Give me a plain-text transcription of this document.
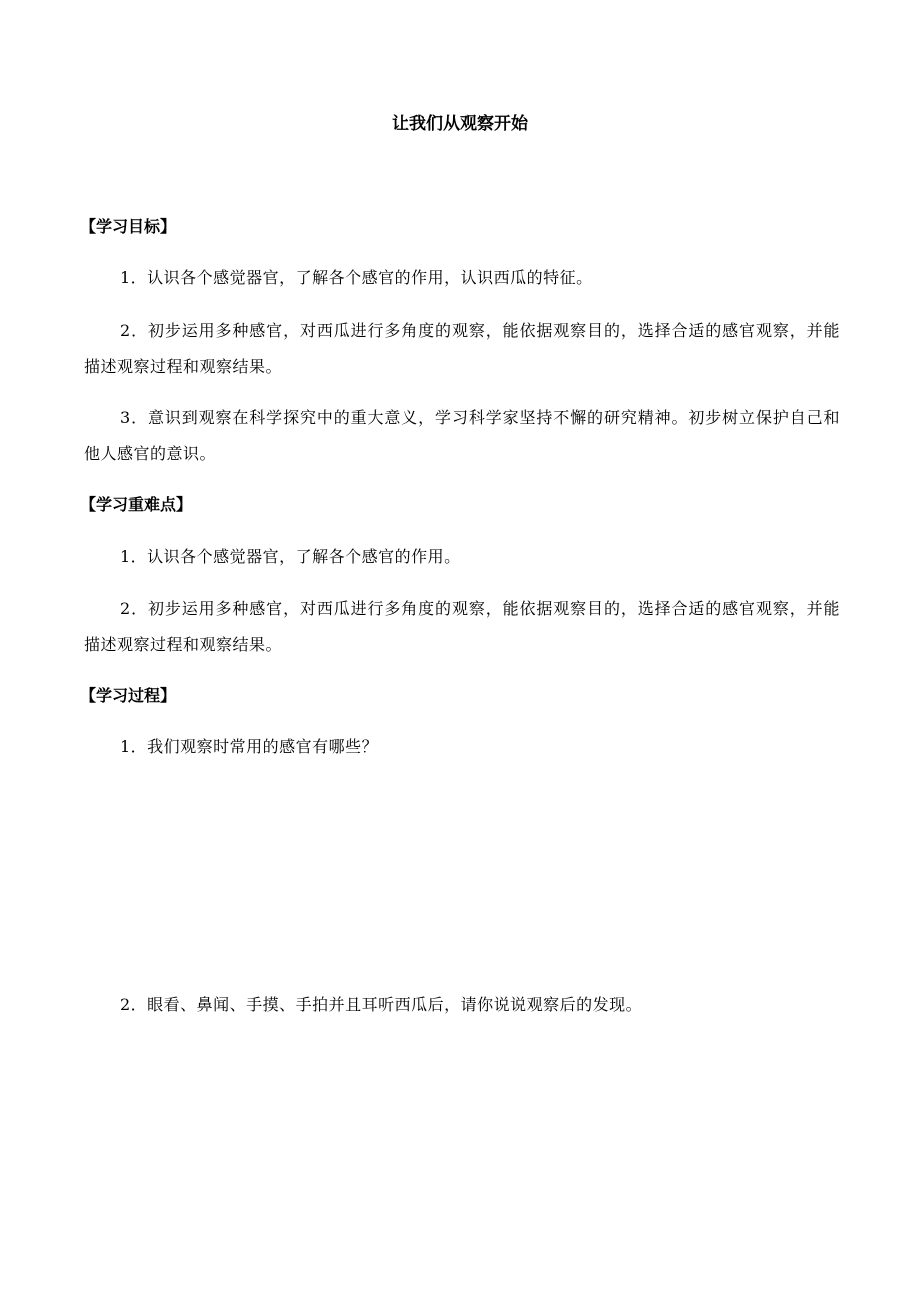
让我们从观察开始
【学习目标】
1．认识各个感觉器官，了解各个感官的作用，认识西瓜的特征。
2．初步运用多种感官，对西瓜进行多角度的观察，能依据观察目的，选择合适的感官观察，并能描述观察过程和观察结果。
3．意识到观察在科学探究中的重大意义，学习科学家坚持不懈的研究精神。初步树立保护自己和他人感官的意识。
【学习重难点】
1．认识各个感觉器官，了解各个感官的作用。
2．初步运用多种感官，对西瓜进行多角度的观察，能依据观察目的，选择合适的感官观察，并能描述观察过程和观察结果。
【学习过程】
1．我们观察时常用的感官有哪些？
2．眼看、鼻闻、手摸、手拍并且耳听西瓜后，请你说说观察后的发现。
